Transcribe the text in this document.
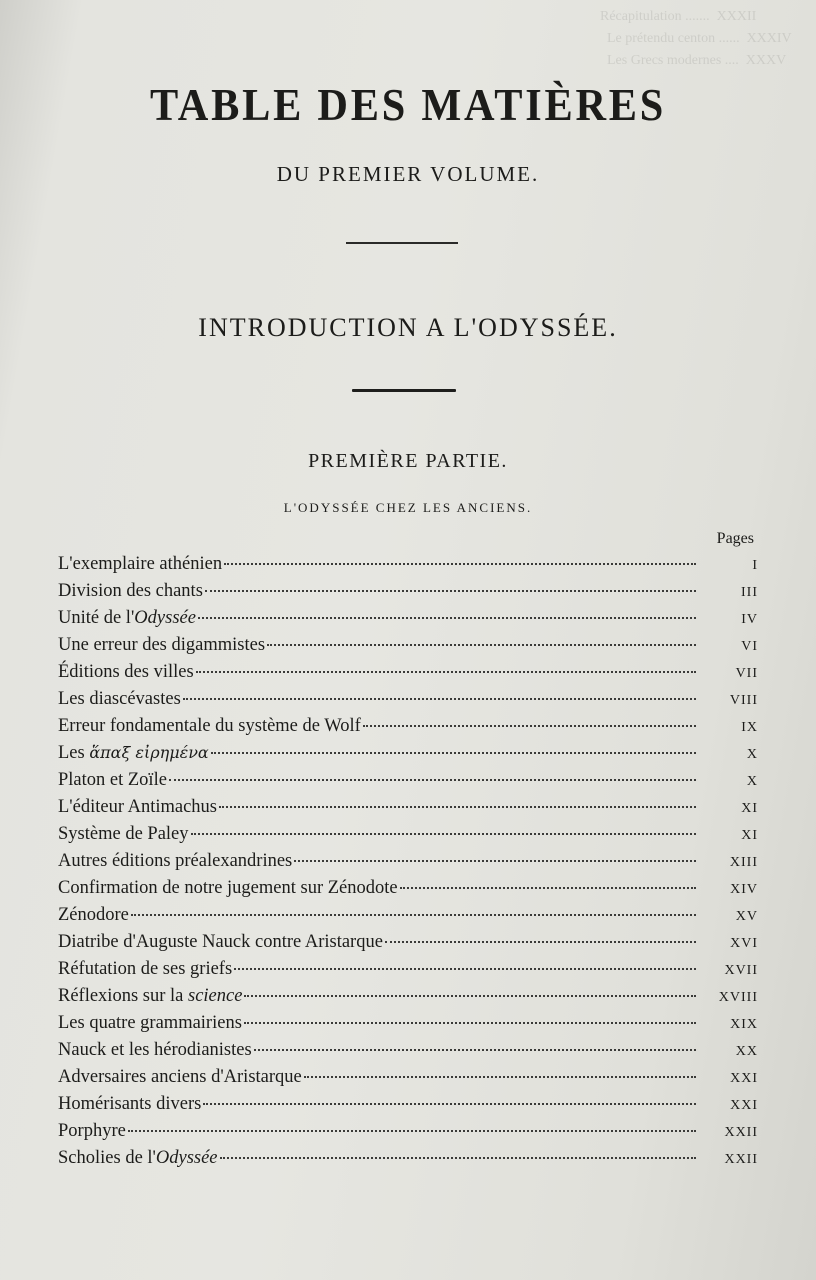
Récapitulation .......  XXXII
Le prétendu centon ......  XXXIV
Les Grecs modernes ....  XXXV
TABLE DES MATIÈRES
DU PREMIER VOLUME.
INTRODUCTION A L'ODYSSÉE.
PREMIÈRE PARTIE.
L'ODYSSÉE CHEZ LES ANCIENS.
Pages
L'exemplaire athénien	I
Division des chants	III
Unité de l'Odyssée	IV
Une erreur des digammistes	VI
Éditions des villes	VII
Les diascévastes	VIII
Erreur fondamentale du système de Wolf	IX
Les ἅπαξ εἰρημένα	X
Platon et Zoïle	X
L'éditeur Antimachus	XI
Système de Paley	XI
Autres éditions préalexandrines	XIII
Confirmation de notre jugement sur Zénodote	XIV
Zénodore	XV
Diatribe d'Auguste Nauck contre Aristarque	XVI
Réfutation de ses griefs	XVII
Réflexions sur la science	XVIII
Les quatre grammairiens	XIX
Nauck et les hérodianistes	XX
Adversaires anciens d'Aristarque	XXI
Homérisants divers	XXI
Porphyre	XXII
Scholies de l'Odyssée	XXII
